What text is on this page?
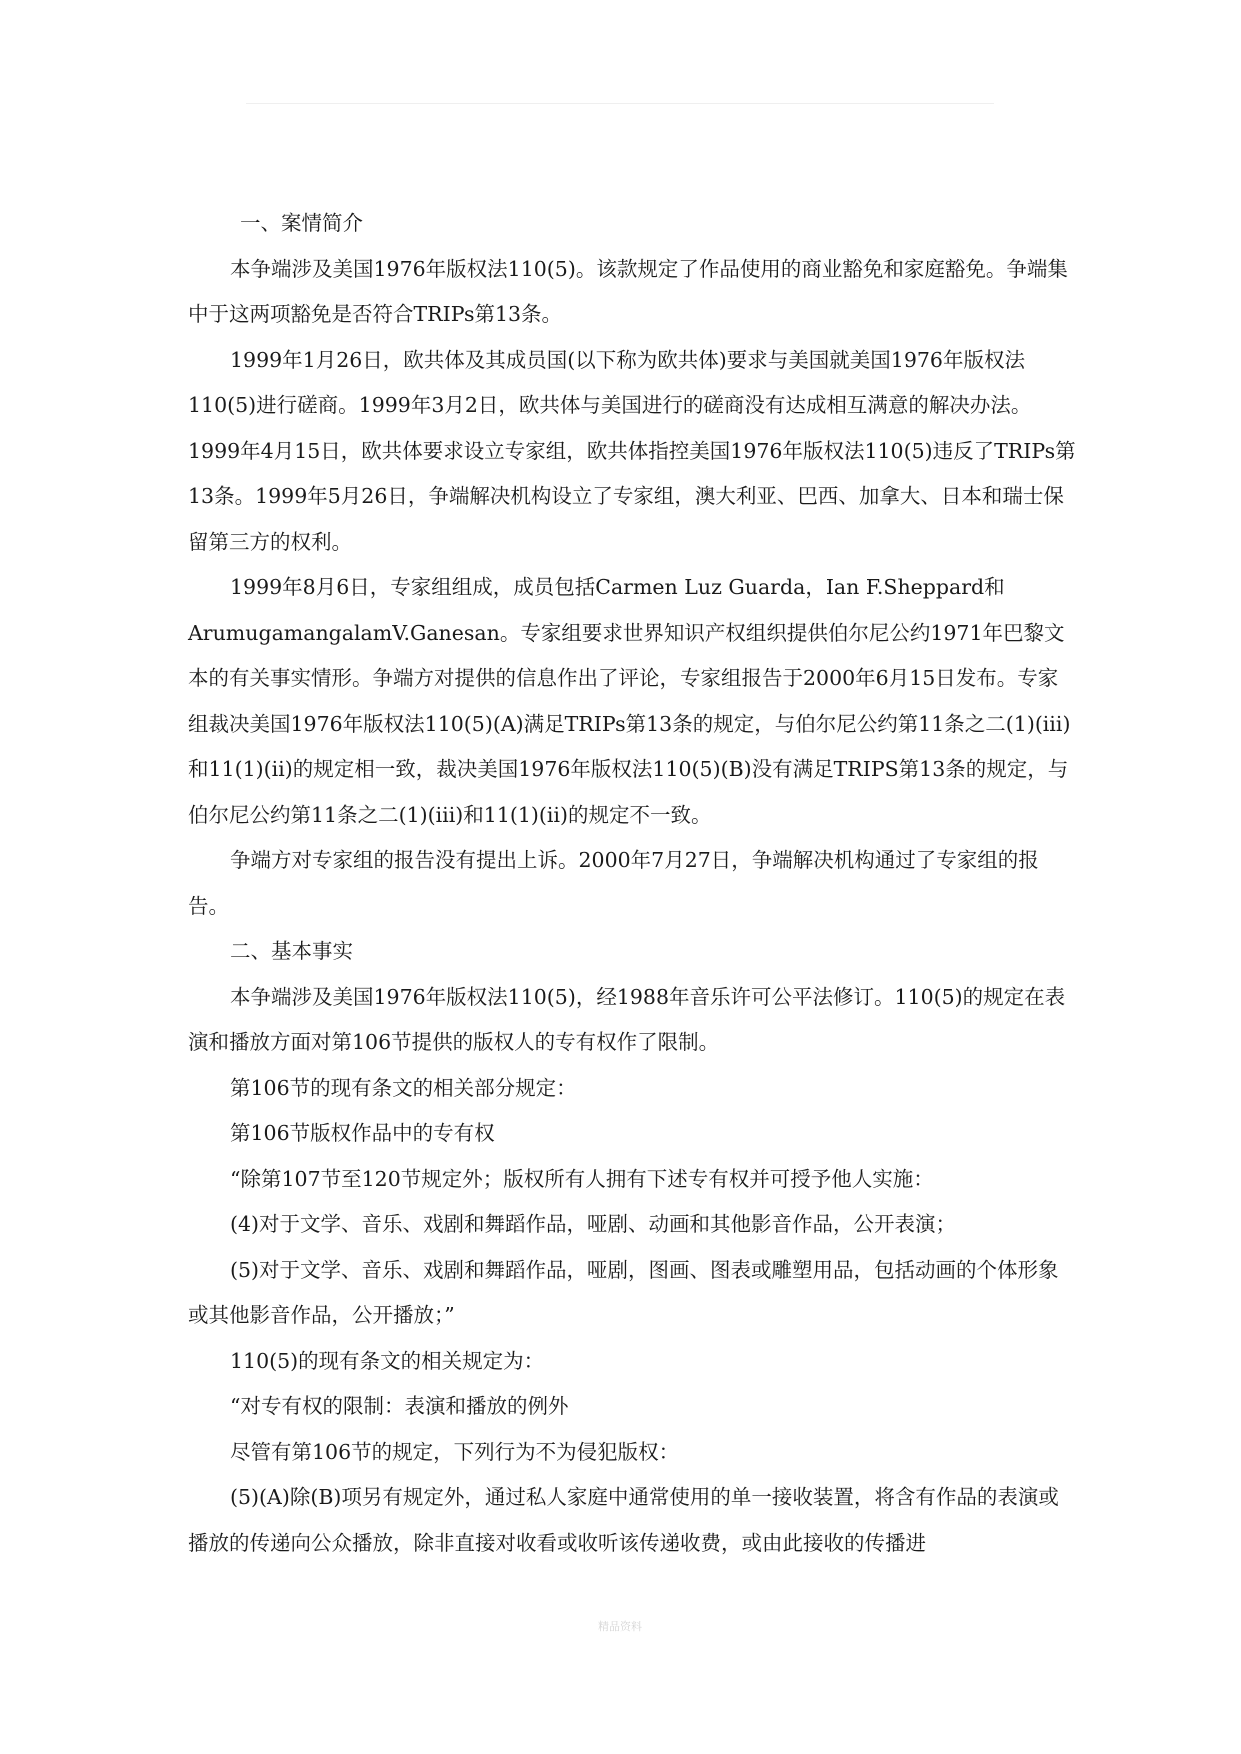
一、案情简介

本争端涉及美国1976年版权法110(5)。该款规定了作品使用的商业豁免和家庭豁免。争端集中于这两项豁免是否符合TRIPs第13条。

1999年1月26日，欧共体及其成员国(以下称为欧共体)要求与美国就美国1976年版权法110(5)进行磋商。1999年3月2日，欧共体与美国进行的磋商没有达成相互满意的解决办法。1999年4月15日，欧共体要求设立专家组，欧共体指控美国1976年版权法110(5)违反了TRIPs第13条。1999年5月26日，争端解决机构设立了专家组，澳大利亚、巴西、加拿大、日本和瑞士保留第三方的权利。

1999年8月6日，专家组组成，成员包括Carmen Luz Guarda，Ian F.Sheppard和ArumugamangalamV.Ganesan。专家组要求世界知识产权组织提供伯尔尼公约1971年巴黎文本的有关事实情形。争端方对提供的信息作出了评论，专家组报告于2000年6月15日发布。专家组裁决美国1976年版权法110(5)(A)满足TRIPs第13条的规定，与伯尔尼公约第11条之二(1)(ⅲ)和11(1)(ⅱ)的规定相一致，裁决美国1976年版权法110(5)(B)没有满足TRIPS第13条的规定，与伯尔尼公约第11条之二(1)(ⅲ)和11(1)(ⅱ)的规定不一致。

争端方对专家组的报告没有提出上诉。2000年7月27日，争端解决机构通过了专家组的报告。

二、基本事实

本争端涉及美国1976年版权法110(5)，经1988年音乐许可公平法修订。110(5)的规定在表演和播放方面对第106节提供的版权人的专有权作了限制。

第106节的现有条文的相关部分规定：

第106节版权作品中的专有权

“除第107节至120节规定外；版权所有人拥有下述专有权并可授予他人实施：

(4)对于文学、音乐、戏剧和舞蹈作品，哑剧、动画和其他影音作品，公开表演；

(5)对于文学、音乐、戏剧和舞蹈作品，哑剧，图画、图表或雕塑用品，包括动画的个体形象或其他影音作品，公开播放；”

110(5)的现有条文的相关规定为：

“对专有权的限制：表演和播放的例外

尽管有第106节的规定，下列行为不为侵犯版权：

(5)(A)除(B)项另有规定外，通过私人家庭中通常使用的单一接收装置，将含有作品的表演或播放的传递向公众播放，除非直接对收看或收听该传递收费，或由此接收的传播进

精品资料
